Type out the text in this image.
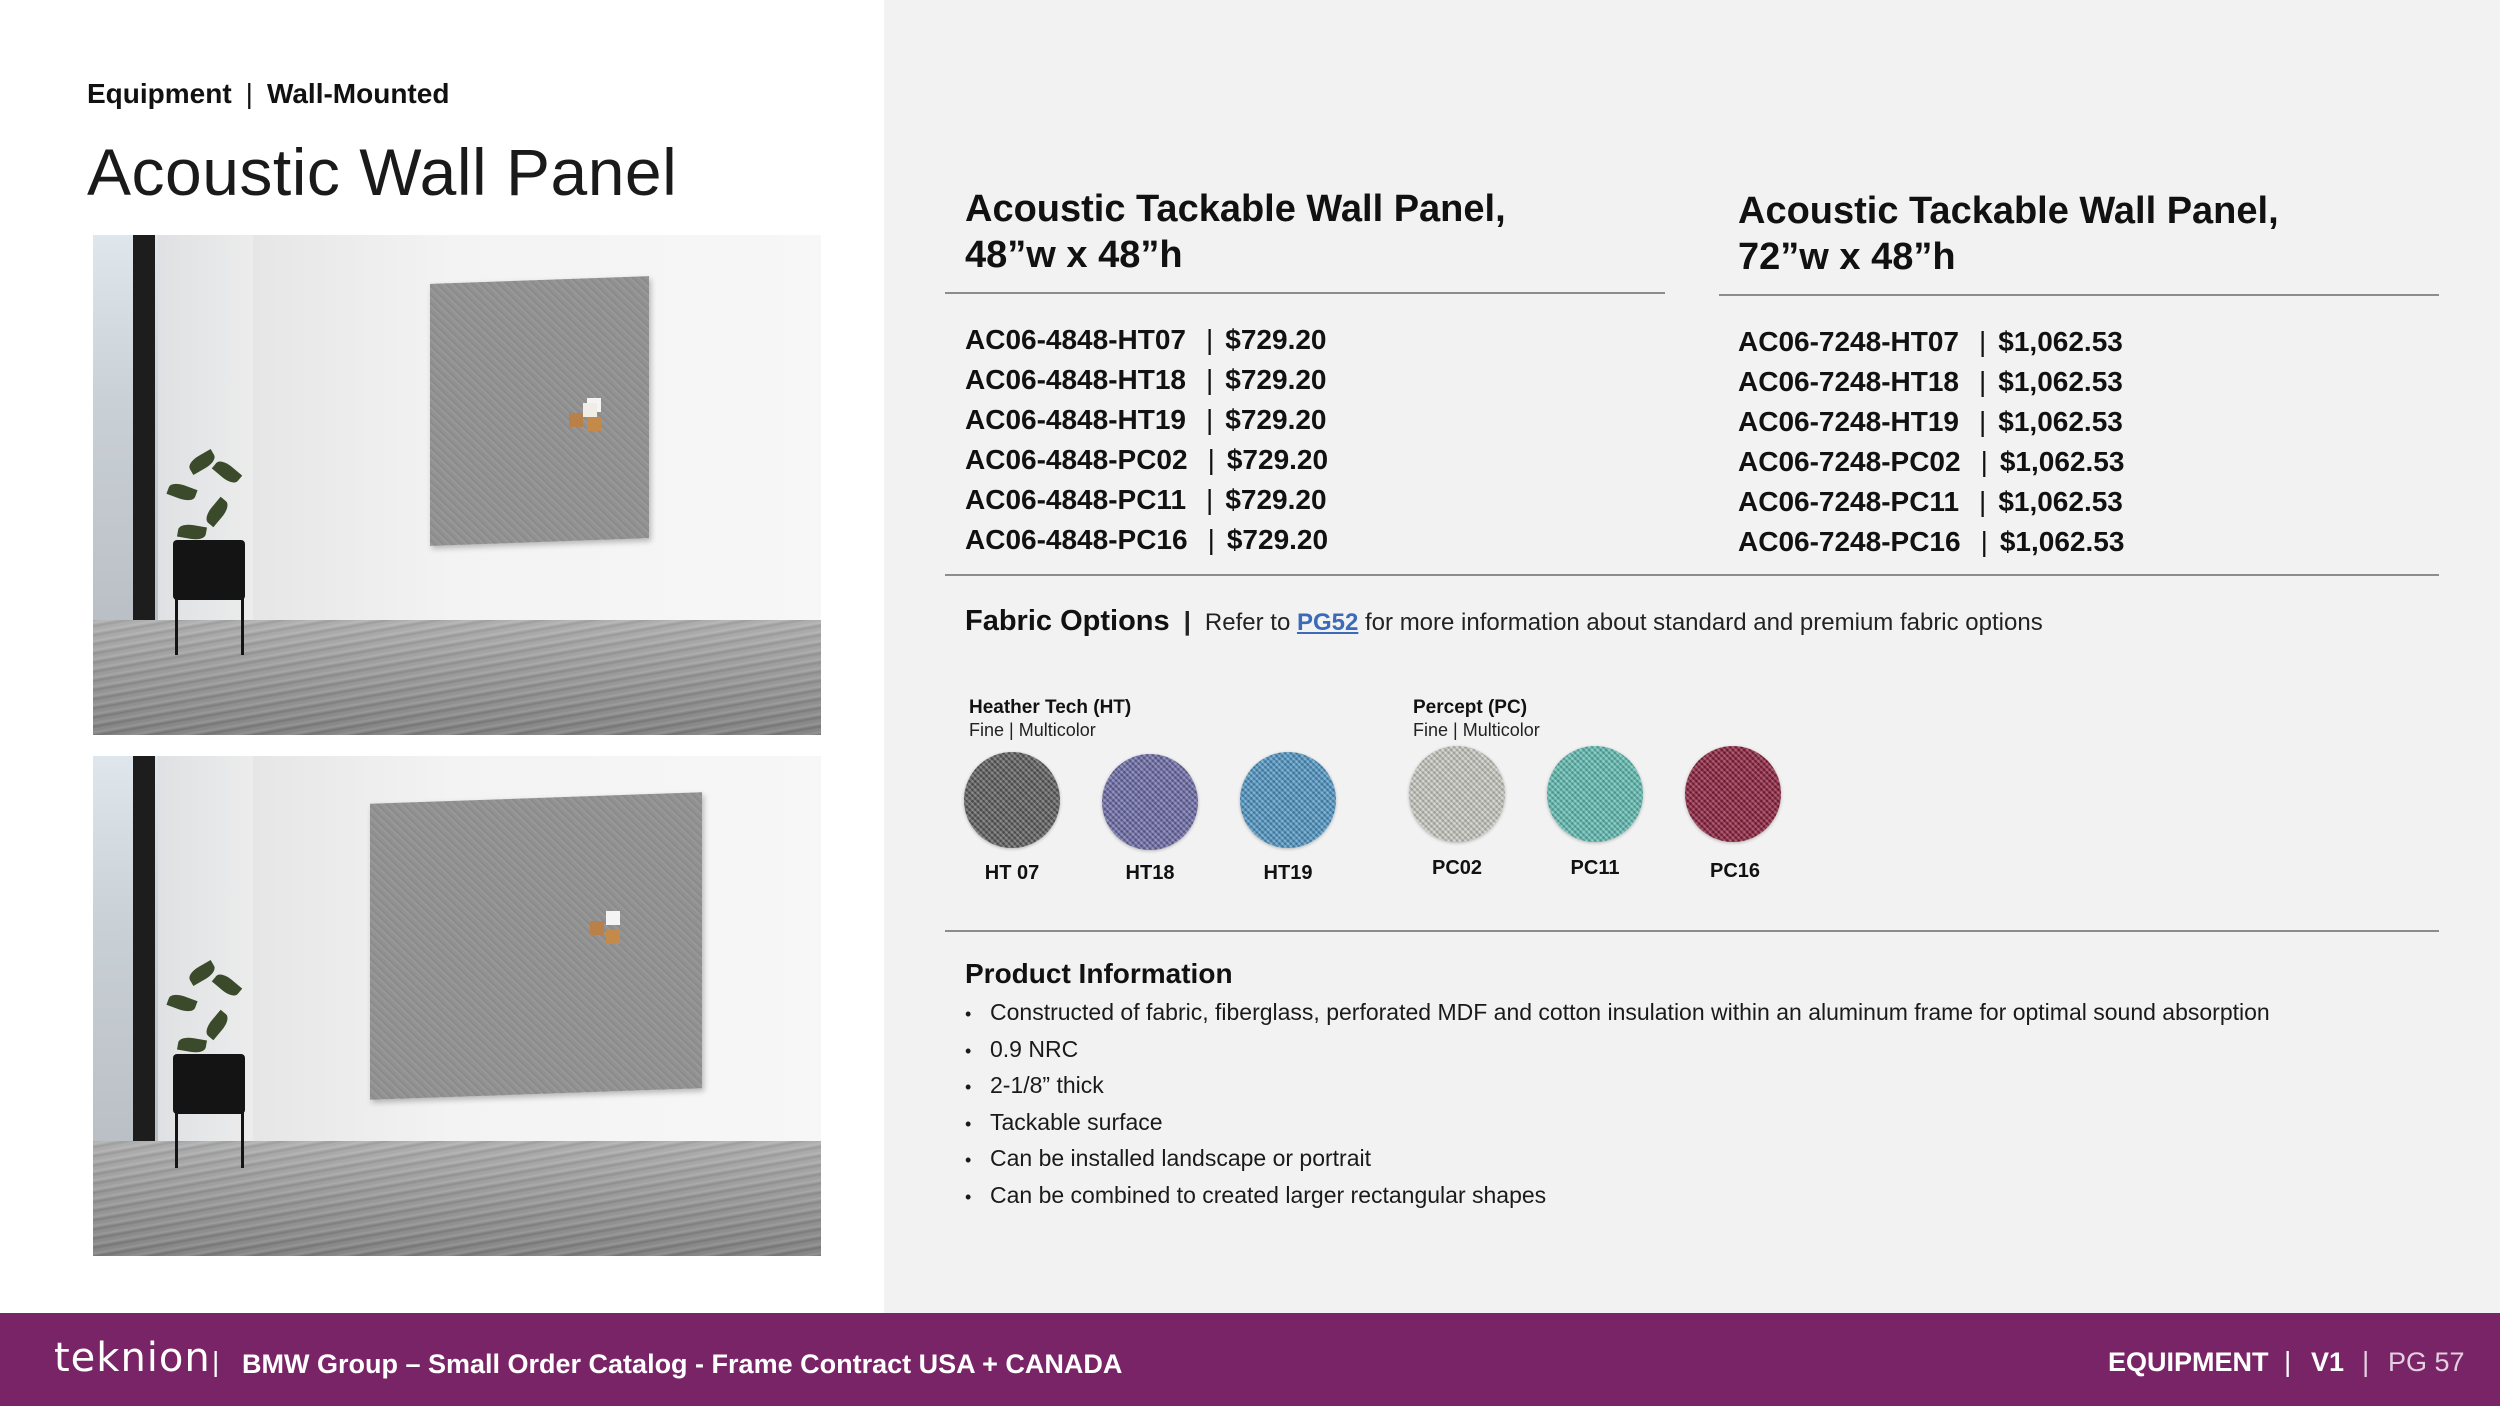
Equipment | Wall-Mounted
Acoustic Wall Panel	Acoustic Tackable Wall Panel,
48”w x 48”h
AC06-4848-HT07 | $729.20
AC06-4848-HT18 | $729.20
AC06-4848-HT19 | $729.20
AC06-4848-PC02 | $729.20
AC06-4848-PC11 | $729.20
AC06-4848-PC16 | $729.20
Acoustic Tackable Wall Panel,
72”w x 48”h
AC06-7248-HT07 | $1,062.53
AC06-7248-HT18 | $1,062.53
AC06-7248-HT19 | $1,062.53
AC06-7248-PC02 | $1,062.53
AC06-7248-PC11 | $1,062.53
AC06-7248-PC16 | $1,062.53
Fabric Options | Refer to PG52 for more information about standard and premium fabric options
Heather Tech (HT)
Fine | Multicolor
Percept (PC)
Fine | Multicolor
HT 07	HT18	HT19	PC02	PC11	PC16
Product Information
• Constructed of fabric, fiberglass, perforated MDF and cotton insulation within an aluminum frame for optimal sound absorption
• 0.9 NRC
• 2-1/8” thick
• Tackable surface
• Can be installed landscape or portrait
• Can be combined to created larger rectangular shapes
teknion | BMW Group – Small Order Catalog - Frame Contract USA + CANADA	EQUIPMENT | V1 | PG 57
